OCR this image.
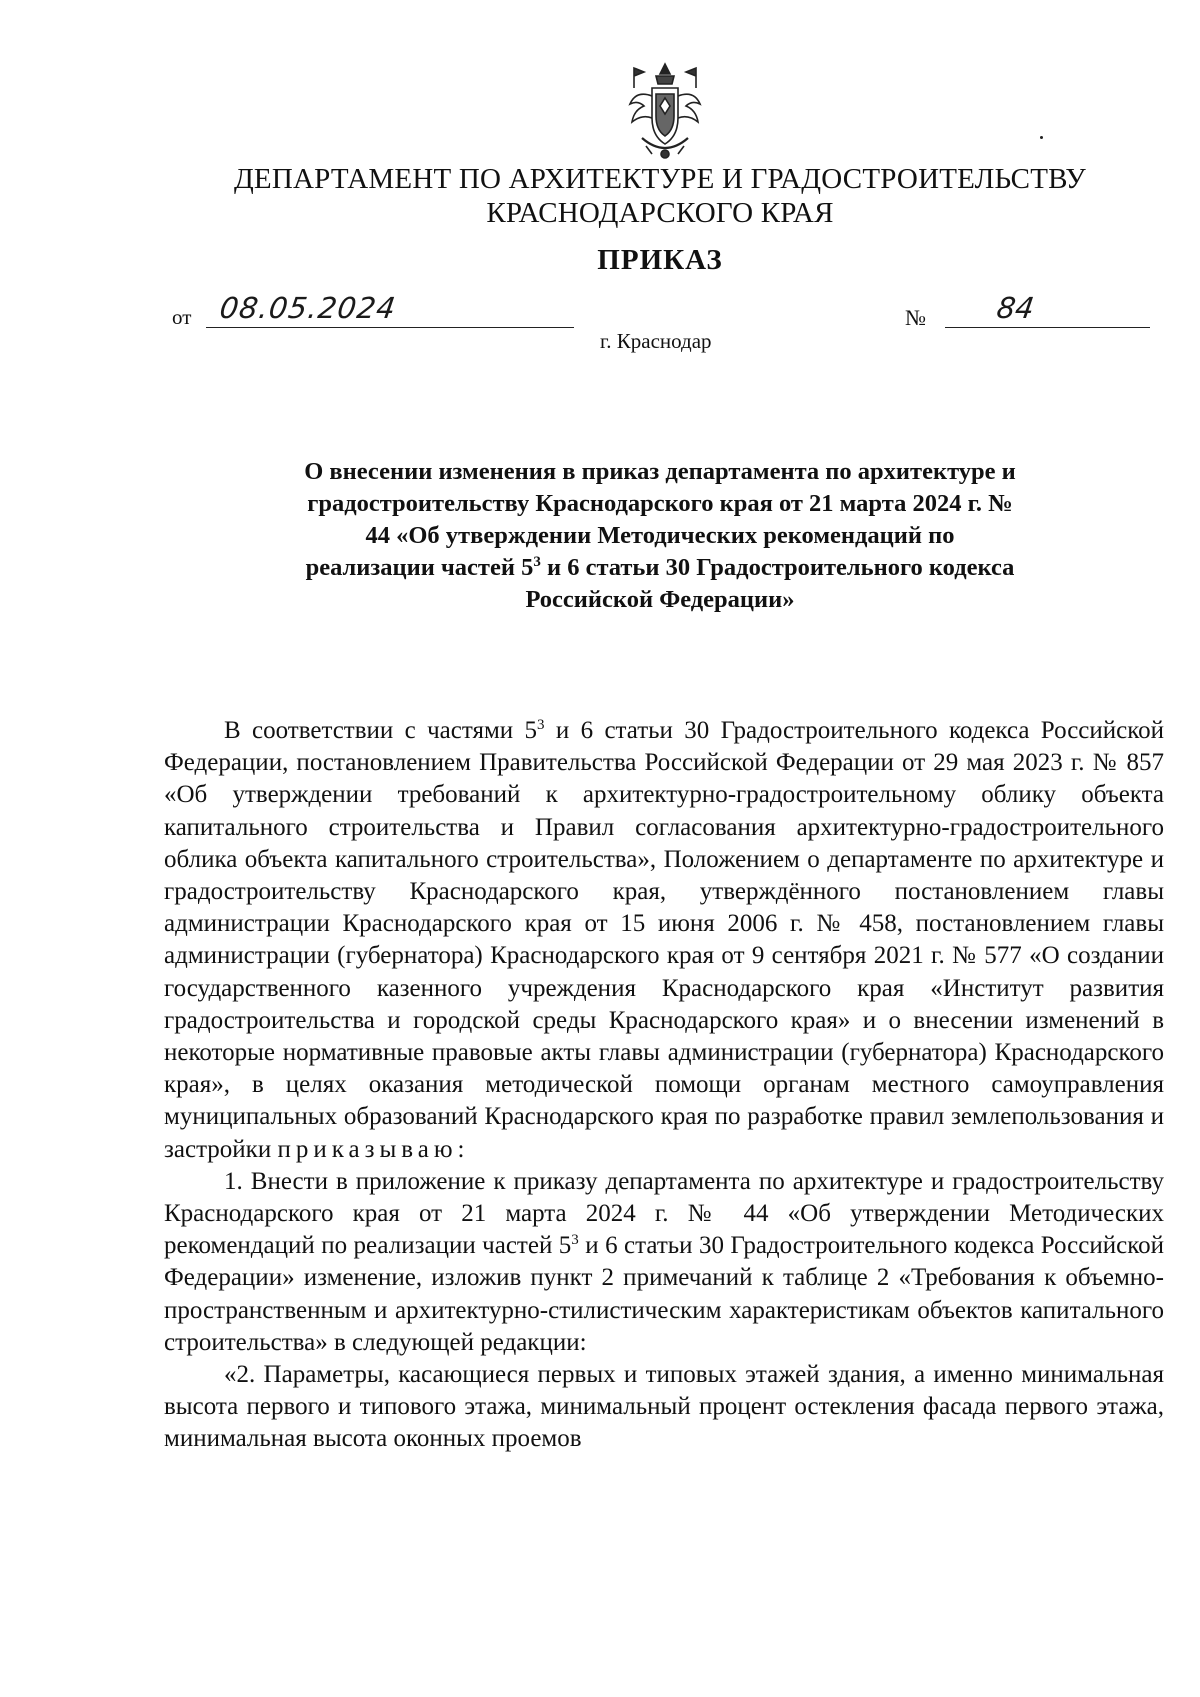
ДЕПАРТАМЕНТ ПО АРХИТЕКТУРЕ И ГРАДОСТРОИТЕЛЬСТВУ
КРАСНОДАРСКОГО КРАЯ
ПРИКАЗ
от 08.05.2024	№ 84
г. Краснодар
О внесении изменения в приказ департамента по архитектуре и градостроительству Краснодарского края от 21 марта 2024 г. № 44 «Об утверждении Методических рекомендаций по реализации частей $5^3$ и 6 статьи 30 Градостроительного кодекса Российской Федерации»

В соответствии с частями $5^3$ и 6 статьи 30 Градостроительного кодекса Российской Федерации, постановлением Правительства Российской Федерации от 29 мая 2023 г. № 857 «Об утверждении требований к архитектурно-градостроительному облику объекта капитального строительства и Правил согласования архитектурно-градостроительного облика объекта капитального строительства», Положением о департаменте по архитектуре и градостроительству Краснодарского края, утверждённого постановлением главы администрации Краснодарского края от 15 июня 2006 г. № 458, постановлением главы администрации (губернатора) Краснодарского края от 9 сентября 2021 г. № 577 «О создании государственного казенного учреждения Краснодарского края «Институт развития градостроительства и городской среды Краснодарского края» и о внесении изменений в некоторые нормативные правовые акты главы администрации (губернатора) Краснодарского края», в целях оказания методической помощи органам местного самоуправления муниципальных образований Краснодарского края по разработке правил землепользования и застройки приказываю:

1. Внести в приложение к приказу департамента по архитектуре и градостроительству Краснодарского края от 21 марта 2024 г. № 44 «Об утверждении Методических рекомендаций по реализации частей $5^3$ и 6 статьи 30 Градостроительного кодекса Российской Федерации» изменение, изложив пункт 2 примечаний к таблице 2 «Требования к объемно-пространственным и архитектурно-стилистическим характеристикам объектов капитального строительства» в следующей редакции:

«2. Параметры, касающиеся первых и типовых этажей здания, а именно минимальная высота первого и типового этажа, минимальный процент остекления фасада первого этажа, минимальная высота оконных проемов
